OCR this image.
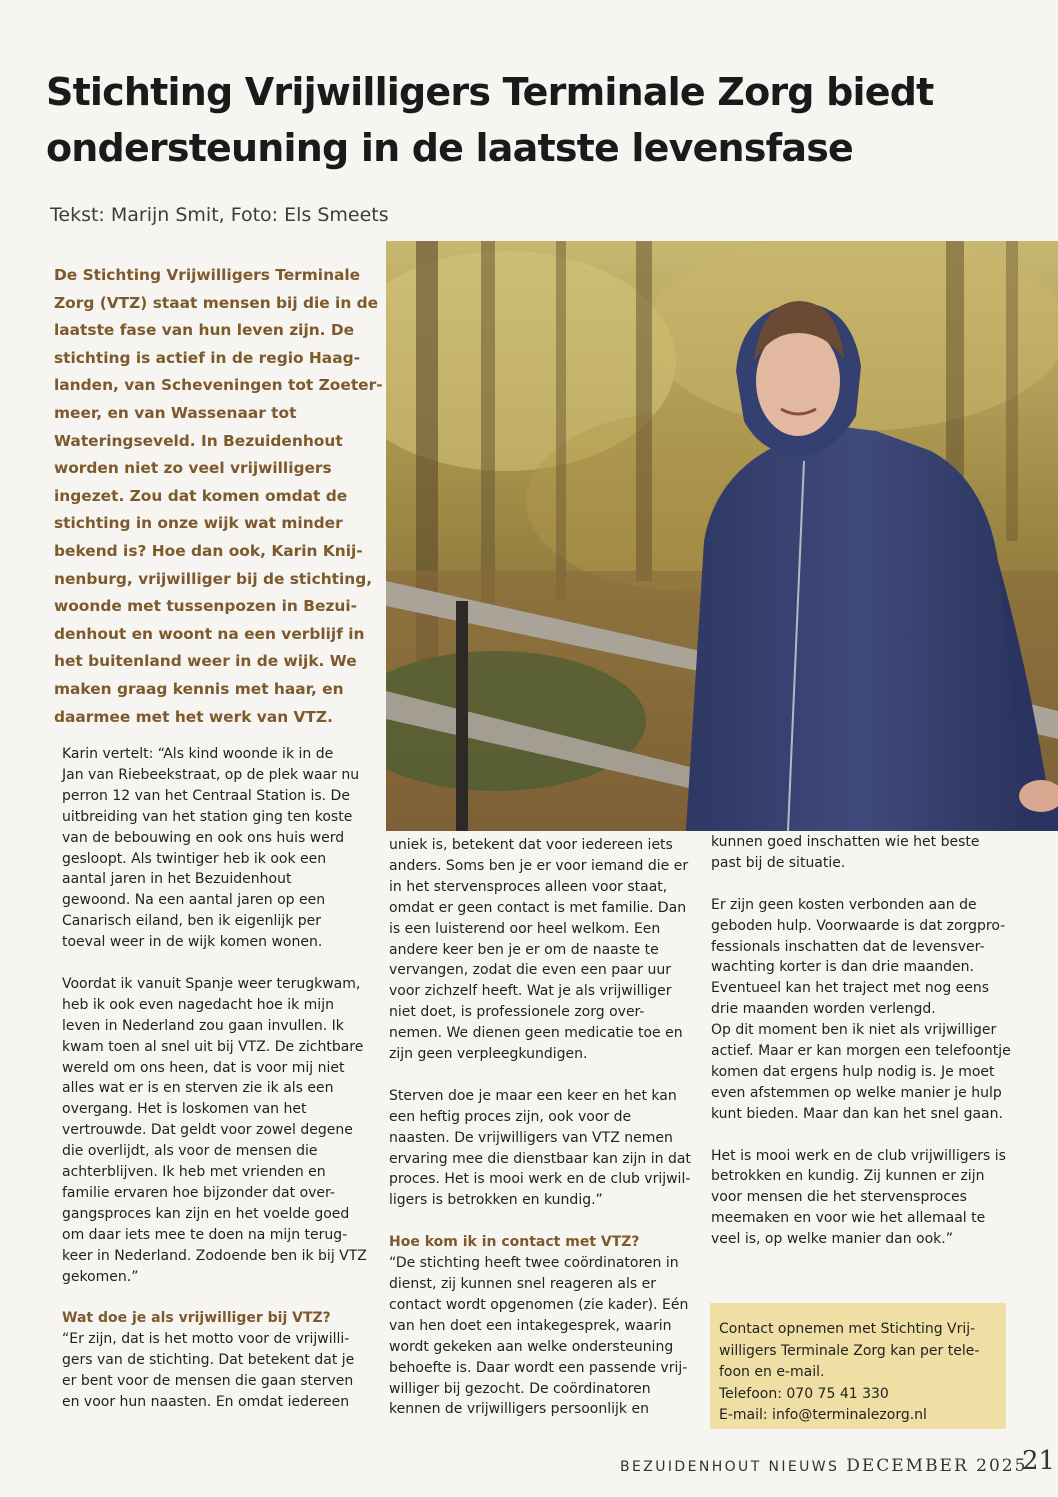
Stichting Vrijwilligers Terminale Zorg biedt
ondersteuning in de laatste levensfase
Tekst: Marijn Smit, Foto: Els Smeets
De Stichting Vrijwilligers Terminale
Zorg (VTZ) staat mensen bij die in de
laatste fase van hun leven zijn. De
stichting is actief in de regio Haag-
landen, van Scheveningen tot Zoeter-
meer, en van Wassenaar tot
Wateringseveld. In Bezuidenhout
worden niet zo veel vrijwilligers
ingezet. Zou dat komen omdat de
stichting in onze wijk wat minder
bekend is? Hoe dan ook, Karin Knij-
nenburg, vrijwilliger bij de stichting,
woonde met tussenpozen in Bezui-
denhout en woont na een verblijf in
het buitenland weer in de wijk. We
maken graag kennis met haar, en
daarmee met het werk van VTZ.
Karin vertelt: “Als kind woonde ik in de
Jan van Riebeekstraat, op de plek waar nu
perron 12 van het Centraal Station is. De
uitbreiding van het station ging ten koste
van de bebouwing en ook ons huis werd
gesloopt. Als twintiger heb ik ook een
aantal jaren in het Bezuidenhout
gewoond. Na een aantal jaren op een
Canarisch eiland, ben ik eigenlijk per
toeval weer in de wijk komen wonen.
Voordat ik vanuit Spanje weer terugkwam,
heb ik ook even nagedacht hoe ik mijn
leven in Nederland zou gaan invullen. Ik
kwam toen al snel uit bij VTZ. De zichtbare
wereld om ons heen, dat is voor mij niet
alles wat er is en sterven zie ik als een
overgang. Het is loskomen van het
vertrouwde. Dat geldt voor zowel degene
die overlijdt, als voor de mensen die
achterblijven. Ik heb met vrienden en
familie ervaren hoe bijzonder dat over-
gangsproces kan zijn en het voelde goed
om daar iets mee te doen na mijn terug-
keer in Nederland. Zodoende ben ik bij VTZ
gekomen.”
Wat doe je als vrijwilliger bij VTZ?
“Er zijn, dat is het motto voor de vrijwilli-
gers van de stichting. Dat betekent dat je
er bent voor de mensen die gaan sterven
en voor hun naasten. En omdat iedereen
uniek is, betekent dat voor iedereen iets
anders. Soms ben je er voor iemand die er
in het stervensproces alleen voor staat,
omdat er geen contact is met familie. Dan
is een luisterend oor heel welkom. Een
andere keer ben je er om de naaste te
vervangen, zodat die even een paar uur
voor zichzelf heeft. Wat je als vrijwilliger
niet doet, is professionele zorg over-
nemen. We dienen geen medicatie toe en
zijn geen verpleegkundigen.
Sterven doe je maar een keer en het kan
een heftig proces zijn, ook voor de
naasten. De vrijwilligers van VTZ nemen
ervaring mee die dienstbaar kan zijn in dat
proces. Het is mooi werk en de club vrijwil-
ligers is betrokken en kundig.”
Hoe kom ik in contact met VTZ?
“De stichting heeft twee coördinatoren in
dienst, zij kunnen snel reageren als er
contact wordt opgenomen (zie kader). Eén
van hen doet een intakegesprek, waarin
wordt gekeken aan welke ondersteuning
behoefte is. Daar wordt een passende vrij-
williger bij gezocht. De coördinatoren
kennen de vrijwilligers persoonlijk en
kunnen goed inschatten wie het beste
past bij de situatie.
Er zijn geen kosten verbonden aan de
geboden hulp. Voorwaarde is dat zorgpro-
fessionals inschatten dat de levensver-
wachting korter is dan drie maanden.
Eventueel kan het traject met nog eens
drie maanden worden verlengd.
Op dit moment ben ik niet als vrijwilliger
actief. Maar er kan morgen een telefoontje
komen dat ergens hulp nodig is. Je moet
even afstemmen op welke manier je hulp
kunt bieden. Maar dan kan het snel gaan.
Het is mooi werk en de club vrijwilligers is
betrokken en kundig. Zij kunnen er zijn
voor mensen die het stervensproces
meemaken en voor wie het allemaal te
veel is, op welke manier dan ook.”
Contact opnemen met Stichting Vrij-
willigers Terminale Zorg kan per tele-
foon en e-mail.
Telefoon: 070 75 41 330
E-mail: info@terminalezorg.nl
BEZUIDENHOUT NIEUWS DECEMBER 2025
21
